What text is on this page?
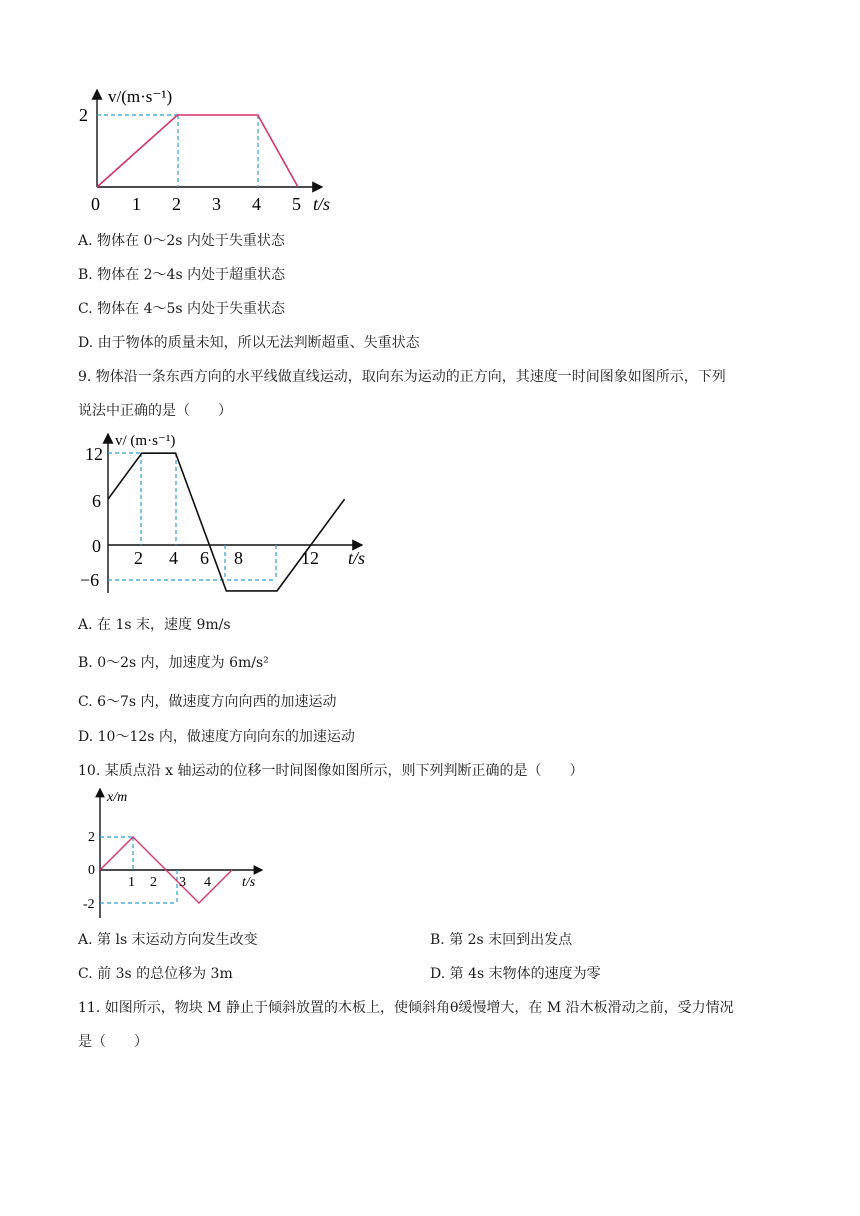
v/(m·s⁻¹)
2
0 1 2 3 4 5 t/s
A. 物体在 0～2s 内处于失重状态
B. 物体在 2～4s 内处于超重状态
C. 物体在 4～5s 内处于失重状态
D. 由于物体的质量未知，所以无法判断超重、失重状态
9. 物体沿一条东西方向的水平线做直线运动，取向东为运动的正方向，其速度一时间图象如图所示，下列
说法中正确的是（　　）
v/ (m·s⁻¹)
12
6
0
−6
2 4 6 8	12 t/s
A. 在 1s 末，速度 9m/s
B. 0～2s 内，加速度为 6m/s²
C. 6～7s 内，做速度方向向西的加速运动
D. 10～12s 内，做速度方向向东的加速运动
10. 某质点沿 x 轴运动的位移一时间图像如图所示，则下列判断正确的是（　　）
x/m
2
0
-2
1 2 3 4 t/s
A. 第 ls 末运动方向发生改变	B. 第 2s 末回到出发点
C. 前 3s 的总位移为 3m	D. 第 4s 末物体的速度为零
11. 如图所示，物块 M 静止于倾斜放置的木板上，使倾斜角θ缓慢增大，在 M 沿木板滑动之前，受力情况
是（　　）
